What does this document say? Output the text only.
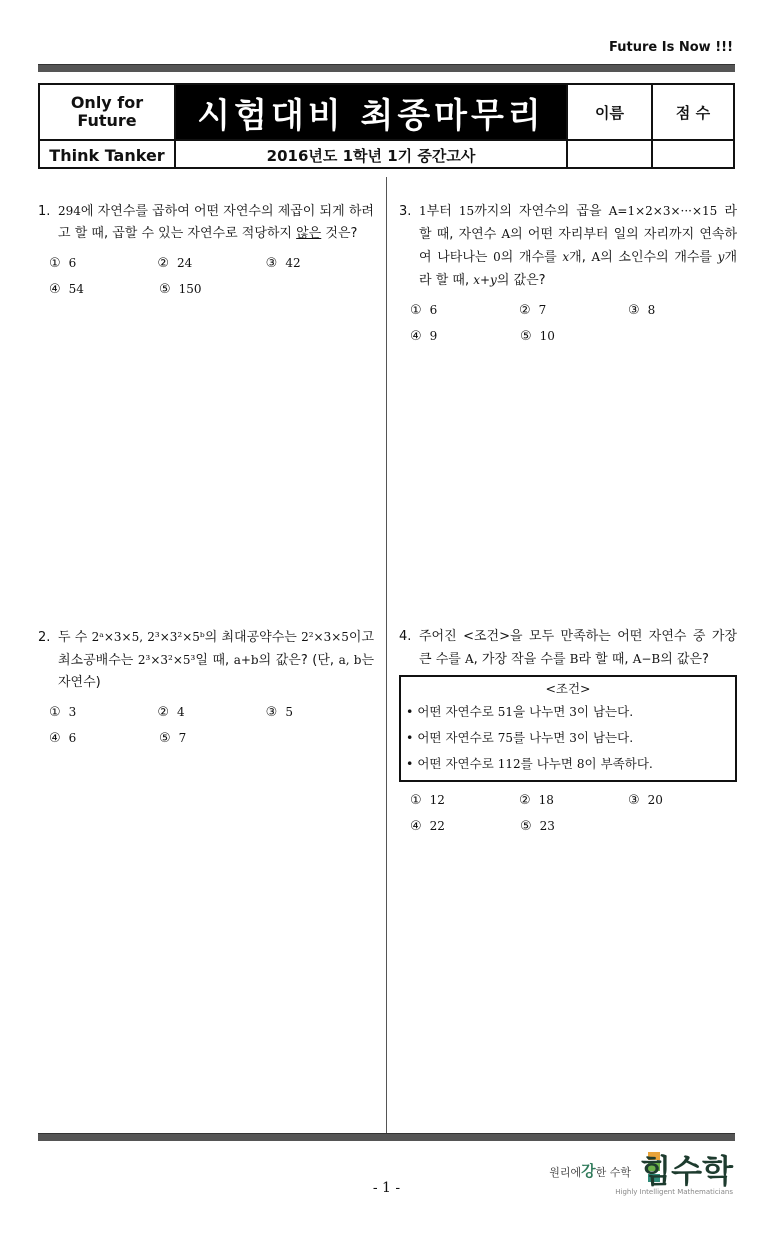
Future Is Now !!!
Only for
Future
Think Tanker
시험대비 최종마무리
2016년도 1학년 1기 중간고사
이름	점 수
1. 294에 자연수를 곱하여 어떤 자연수의 제곱이 되게 하려고 할 때, 곱할 수 있는 자연수로 적당하지 않은 것은?
① 6	② 24	③ 42
④ 54	⑤ 150
2. 두 수 2ᵃ×3×5, 2³×3²×5ᵇ의 최대공약수는 2²×3×5이고 최소공배수는 2³×3²×5³일 때, a+b의 값은? (단, a, b는 자연수)
① 3	② 4	③ 5
④ 6	⑤ 7
3. 1부터 15까지의 자연수의 곱을 A=1×2×3×···×15 라 할 때, 자연수 A의 어떤 자리부터 일의 자리까지 연속하여 나타나는 0의 개수를 x개, A의 소인수의 개수를 y개라 할 때, x+y의 값은?
① 6	② 7	③ 8
④ 9	⑤ 10
4. 주어진 <조건>을 모두 만족하는 어떤 자연수 중 가장 큰 수를 A, 가장 작을 수를 B라 할 때, A−B의 값은?
<조건>
• 어떤 자연수로 51을 나누면 3이 남는다.
• 어떤 자연수로 75를 나누면 3이 남는다.
• 어떤 자연수로 112를 나누면 8이 부족하다.
① 12	② 18	③ 20
④ 22	⑤ 23
원리에강한 수학 힘수학
Highly Intelligent Mathematicians
- 1 -
